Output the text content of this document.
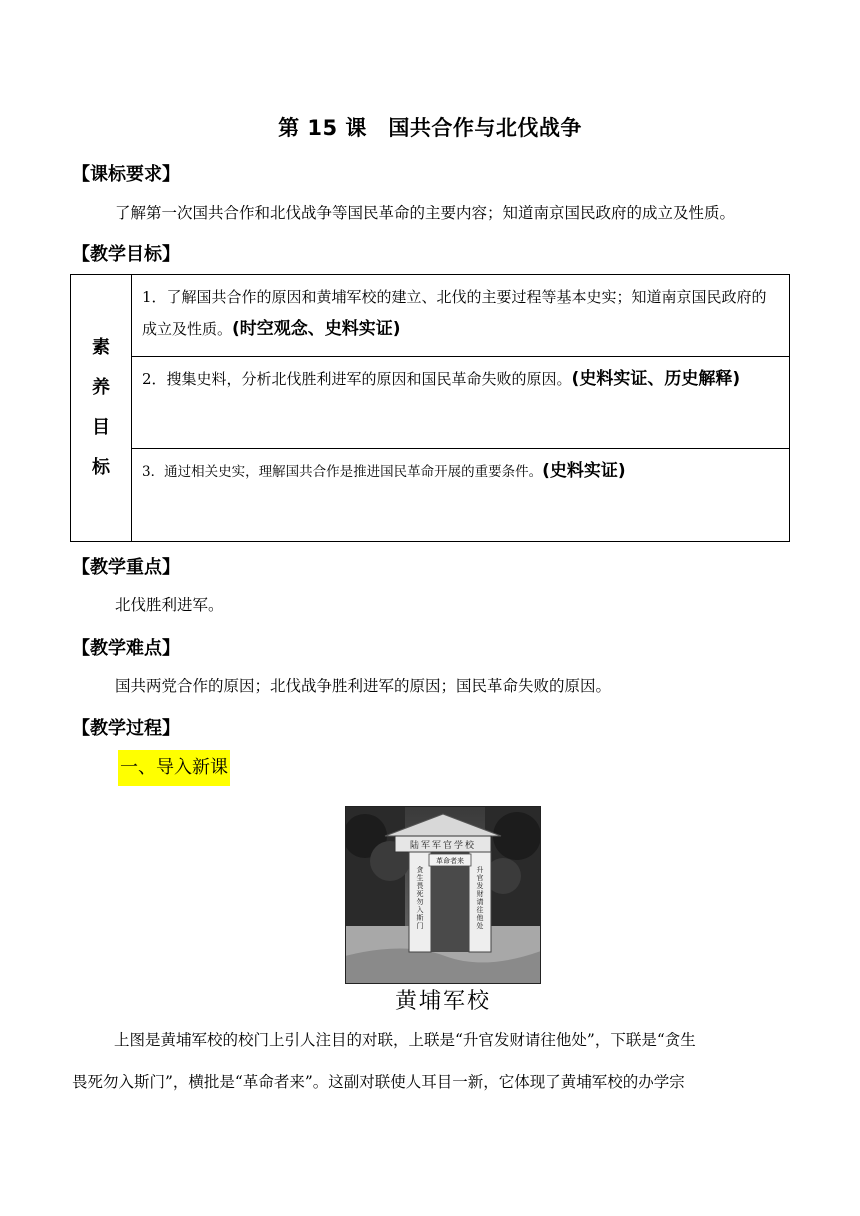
第 15 课　国共合作与北伐战争
【课标要求】
了解第一次国共合作和北伐战争等国民革命的主要内容；知道南京国民政府的成立及性质。
【教学目标】
素
养
目
标
1．了解国共合作的原因和黄埔军校的建立、北伐的主要过程等基本史实；知道南京国民政府的成立及性质。(时空观念、史料实证)
2．搜集史料，分析北伐胜利进军的原因和国民革命失败的原因。(史料实证、历史解释)
3．通过相关史实，理解国共合作是推进国民革命开展的重要条件。(史料实证)
【教学重点】
北伐胜利进军。
【教学难点】
国共两党合作的原因；北伐战争胜利进军的原因；国民革命失败的原因。
【教学过程】
一、导入新课
陆军军官学校
革命者来
贪生畏死勿入斯门	升官发财请往他处
黄埔军校
上图是黄埔军校的校门上引人注目的对联，上联是“升官发财请往他处”，下联是“贪生
畏死勿入斯门”，横批是“革命者来”。这副对联使人耳目一新，它体现了黄埔军校的办学宗
